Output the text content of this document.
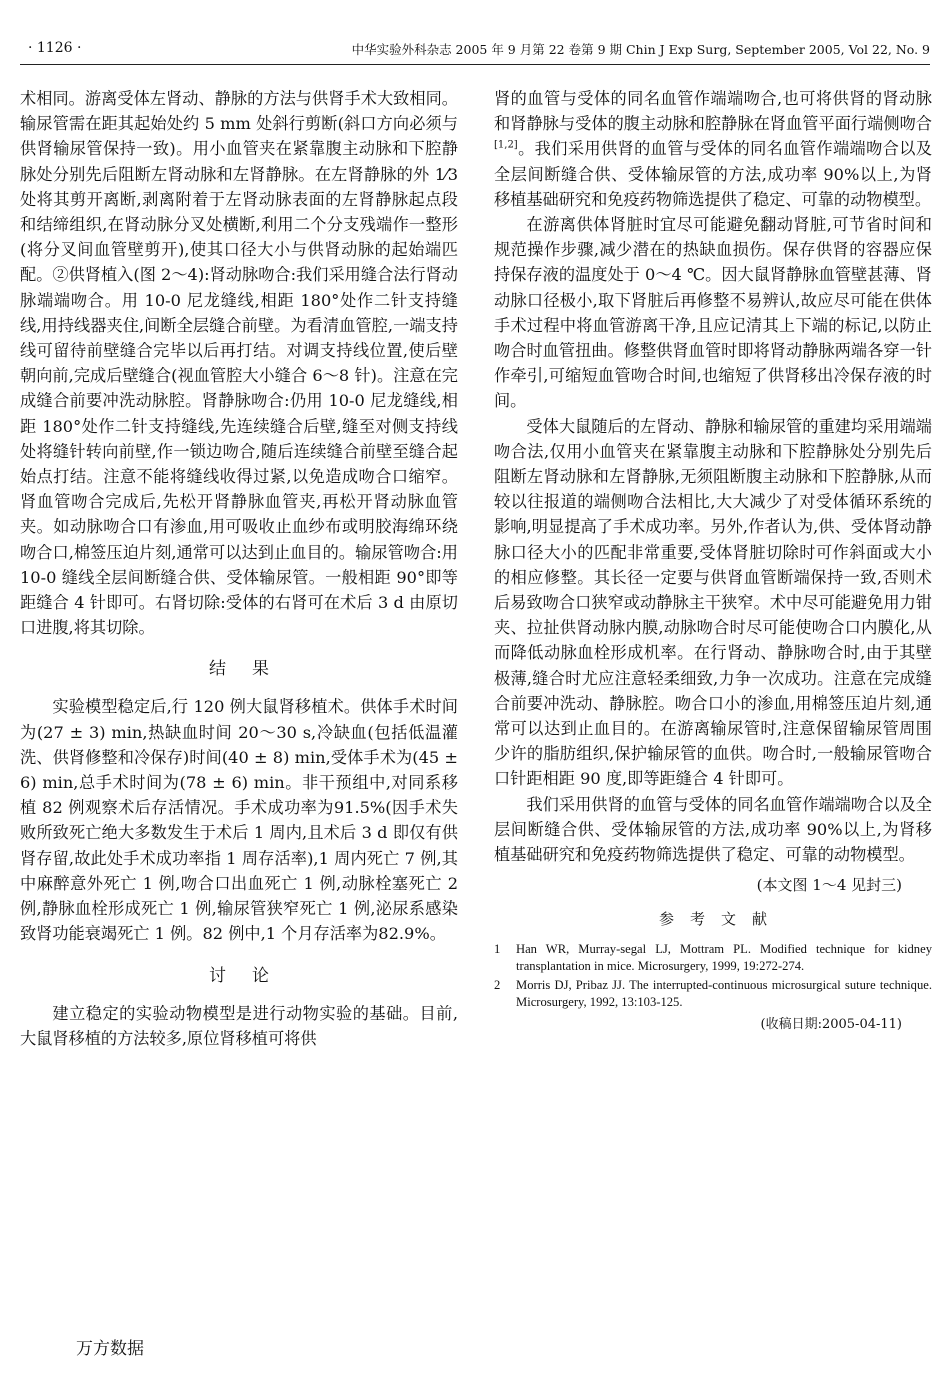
· 1126 ·	中华实验外科杂志 2005 年 9 月第 22 卷第 9 期 Chin J Exp Surg, September 2005, Vol 22, No. 9

术相同。游离受体左肾动、静脉的方法与供肾手术大致相同。输尿管需在距其起始处约 5 mm 处斜行剪断(斜口方向必须与供肾输尿管保持一致)。用小血管夹在紧靠腹主动脉和下腔静脉处分别先后阻断左肾动脉和左肾静脉。在左肾静脉的外 1⁄3 处将其剪开离断,剥离附着于左肾动脉表面的左肾静脉起点段和结缔组织,在肾动脉分叉处横断,利用二个分支残端作一整形(将分叉间血管壁剪开),使其口径大小与供肾动脉的起始端匹配。②供肾植入(图 2～4):肾动脉吻合:我们采用缝合法行肾动脉端端吻合。用 10-0 尼龙缝线,相距 180°处作二针支持缝线,用持线器夹住,间断全层缝合前壁。为看清血管腔,一端支持线可留待前壁缝合完毕以后再打结。对调支持线位置,使后壁朝向前,完成后壁缝合(视血管腔大小缝合 6～8 针)。注意在完成缝合前要冲洗动脉腔。肾静脉吻合:仍用 10-0 尼龙缝线,相距 180°处作二针支持缝线,先连续缝合后壁,缝至对侧支持线处将缝针转向前壁,作一锁边吻合,随后连续缝合前壁至缝合起始点打结。注意不能将缝线收得过紧,以免造成吻合口缩窄。肾血管吻合完成后,先松开肾静脉血管夹,再松开肾动脉血管夹。如动脉吻合口有渗血,用可吸收止血纱布或明胶海绵环绕吻合口,棉签压迫片刻,通常可以达到止血目的。输尿管吻合:用 10-0 缝线全层间断缝合供、受体输尿管。一般相距 90°即等距缝合 4 针即可。右肾切除:受体的右肾可在术后 3 d 由原切口进腹,将其切除。

结果

实验模型稳定后,行 120 例大鼠肾移植术。供体手术时间为(27 ± 3) min,热缺血时间 20～30 s,冷缺血(包括低温灌洗、供肾修整和冷保存)时间(40 ± 8) min,受体手术为(45 ± 6) min,总手术时间为(78 ± 6) min。非干预组中,对同系移植 82 例观察术后存活情况。手术成功率为91.5%(因手术失败所致死亡绝大多数发生于术后 1 周内,且术后 3 d 即仅有供肾存留,故此处手术成功率指 1 周存活率),1 周内死亡 7 例,其中麻醉意外死亡 1 例,吻合口出血死亡 1 例,动脉栓塞死亡 2 例,静脉血栓形成死亡 1 例,输尿管狭窄死亡 1 例,泌尿系感染致肾功能衰竭死亡 1 例。82 例中,1 个月存活率为82.9%。

讨论

建立稳定的实验动物模型是进行动物实验的基础。目前,大鼠肾移植的方法较多,原位肾移植可将供

肾的血管与受体的同名血管作端端吻合,也可将供肾的肾动脉和肾静脉与受体的腹主动脉和腔静脉在肾血管平面行端侧吻合[1,2]。我们采用供肾的血管与受体的同名血管作端端吻合以及全层间断缝合供、受体输尿管的方法,成功率 90%以上,为肾移植基础研究和免疫药物筛选提供了稳定、可靠的动物模型。

在游离供体肾脏时宜尽可能避免翻动肾脏,可节省时间和规范操作步骤,减少潜在的热缺血损伤。保存供肾的容器应保持保存液的温度处于 0～4 ℃。因大鼠肾静脉血管壁甚薄、肾动脉口径极小,取下肾脏后再修整不易辨认,故应尽可能在供体手术过程中将血管游离干净,且应记清其上下端的标记,以防止吻合时血管扭曲。修整供肾血管时即将肾动静脉两端各穿一针作牵引,可缩短血管吻合时间,也缩短了供肾移出冷保存液的时间。

受体大鼠随后的左肾动、静脉和输尿管的重建均采用端端吻合法,仅用小血管夹在紧靠腹主动脉和下腔静脉处分别先后阻断左肾动脉和左肾静脉,无须阻断腹主动脉和下腔静脉,从而较以往报道的端侧吻合法相比,大大减少了对受体循环系统的影响,明显提高了手术成功率。另外,作者认为,供、受体肾动静脉口径大小的匹配非常重要,受体肾脏切除时可作斜面或大小的相应修整。其长径一定要与供肾血管断端保持一致,否则术后易致吻合口狭窄或动静脉主干狭窄。术中尽可能避免用力钳夹、拉扯供肾动脉内膜,动脉吻合时尽可能使吻合口内膜化,从而降低动脉血栓形成机率。在行肾动、静脉吻合时,由于其壁极薄,缝合时尤应注意轻柔细致,力争一次成功。注意在完成缝合前要冲洗动、静脉腔。吻合口小的渗血,用棉签压迫片刻,通常可以达到止血目的。在游离输尿管时,注意保留输尿管周围少许的脂肪组织,保护输尿管的血供。吻合时,一般输尿管吻合口针距相距 90 度,即等距缝合 4 针即可。

我们采用供肾的血管与受体的同名血管作端端吻合以及全层间断缝合供、受体输尿管的方法,成功率 90%以上,为肾移植基础研究和免疫药物筛选提供了稳定、可靠的动物模型。

(本文图 1～4 见封三)
参考文献
1	Han WR, Murray-segal LJ, Mottram PL. Modified technique for kidney transplantation in mice. Microsurgery, 1999, 19:272-274.
2	Morris DJ, Pribaz JJ. The interrupted-continuous microsurgical suture technique. Microsurgery, 1992, 13:103-125.
(收稿日期:2005-04-11)
万方数据
